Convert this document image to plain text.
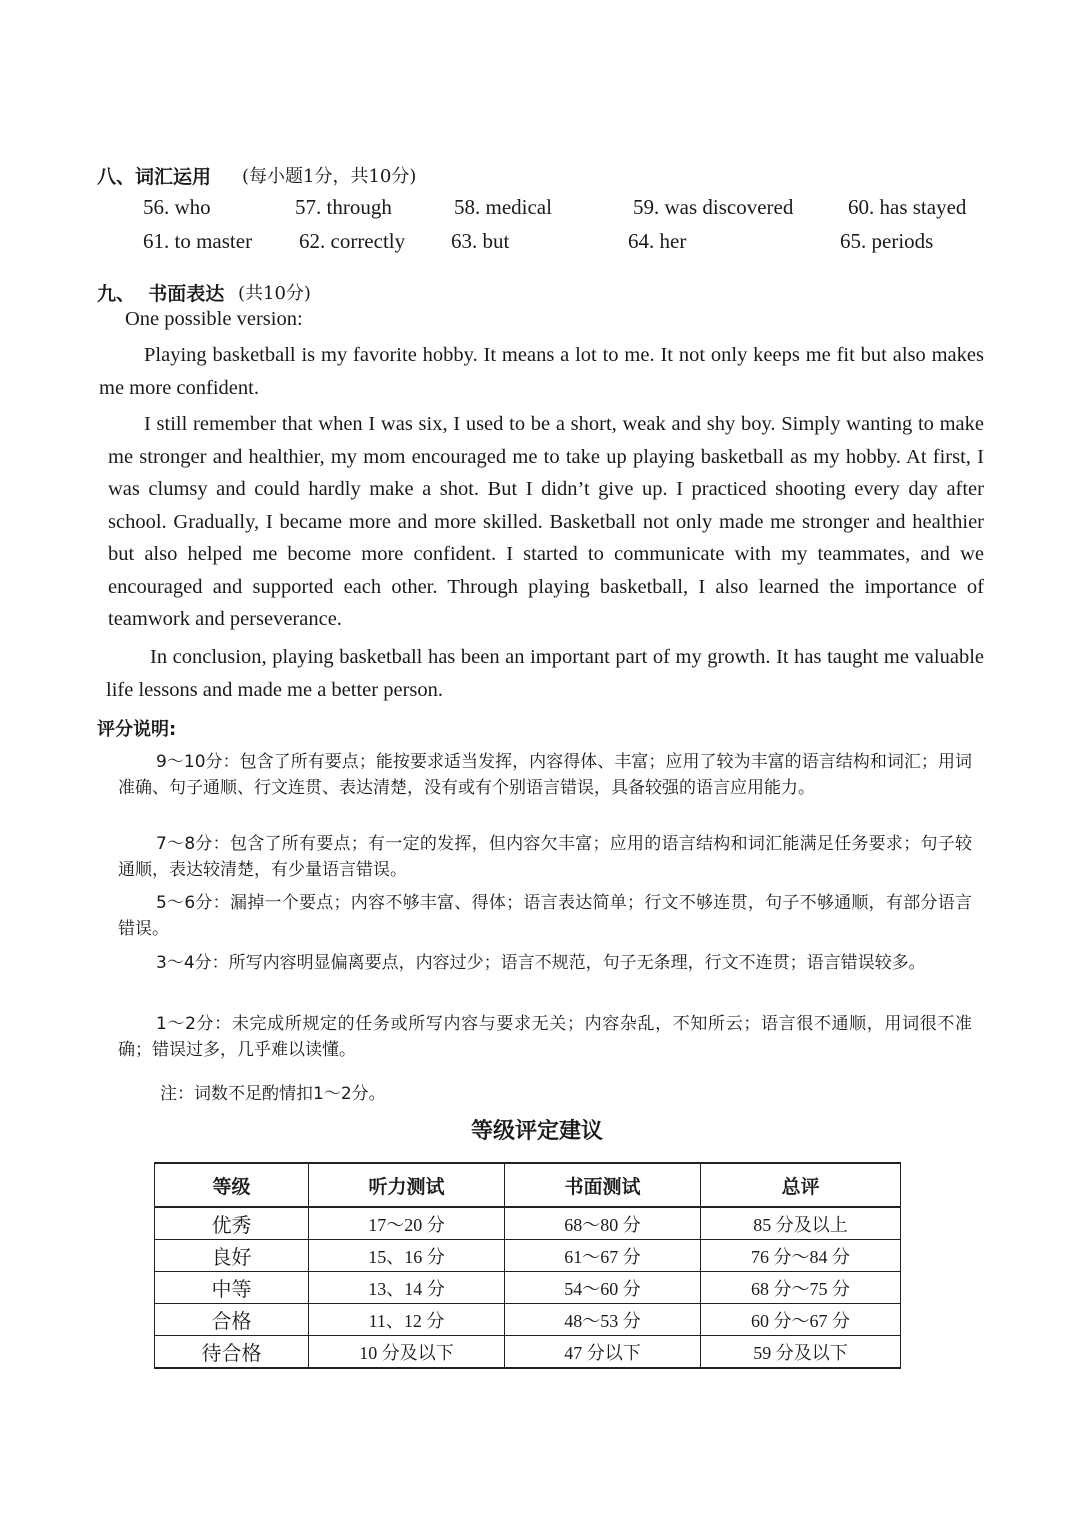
八、词汇运用 (每小题1分，共10分)
56. who	57. through	58. medical	59. was discovered	60. has stayed
61. to master 62. correctly 63. but	64. her	65. periods
九、 书面表达 (共10分)
One possible version:
Playing basketball is my favorite hobby. It means a lot to me. It not only keeps me fit but also makes me more confident.
I still remember that when I was six, I used to be a short, weak and shy boy. Simply wanting to make me stronger and healthier, my mom encouraged me to take up playing basketball as my hobby. At first, I was clumsy and could hardly make a shot. But I didn’t give up. I practiced shooting every day after school. Gradually, I became more and more skilled. Basketball not only made me stronger and healthier but also helped me become more confident. I started to communicate with my teammates, and we encouraged and supported each other. Through playing basketball, I also learned the importance of teamwork and perseverance.
In conclusion, playing basketball has been an important part of my growth. It has taught me valuable life lessons and made me a better person.
评分说明:
9～10分：包含了所有要点；能按要求适当发挥，内容得体、丰富；应用了较为丰富的语言结构和词汇；用词准确、句子通顺、行文连贯、表达清楚，没有或有个别语言错误，具备较强的语言应用能力。
7～8分：包含了所有要点；有一定的发挥，但内容欠丰富；应用的语言结构和词汇能满足任务要求；句子较通顺，表达较清楚，有少量语言错误。
5～6分：漏掉一个要点；内容不够丰富、得体；语言表达简单；行文不够连贯，句子不够通顺，有部分语言错误。
3～4分：所写内容明显偏离要点，内容过少；语言不规范，句子无条理，行文不连贯；语言错误较多。
1～2分：未完成所规定的任务或所写内容与要求无关；内容杂乱，不知所云；语言很不通顺，用词很不准确；错误过多，几乎难以读懂。
注：词数不足酌情扣1～2分。
等级评定建议
等级	听力测试	书面测试	总评
优秀	17～20 分	68～80 分	85 分及以上
良好	15、16 分	61～67 分	76 分～84 分
中等	13、14 分	54～60 分	68 分～75 分
合格	11、12 分	48～53 分	60 分～67 分
待合格	10 分及以下	47 分以下	59 分及以下
